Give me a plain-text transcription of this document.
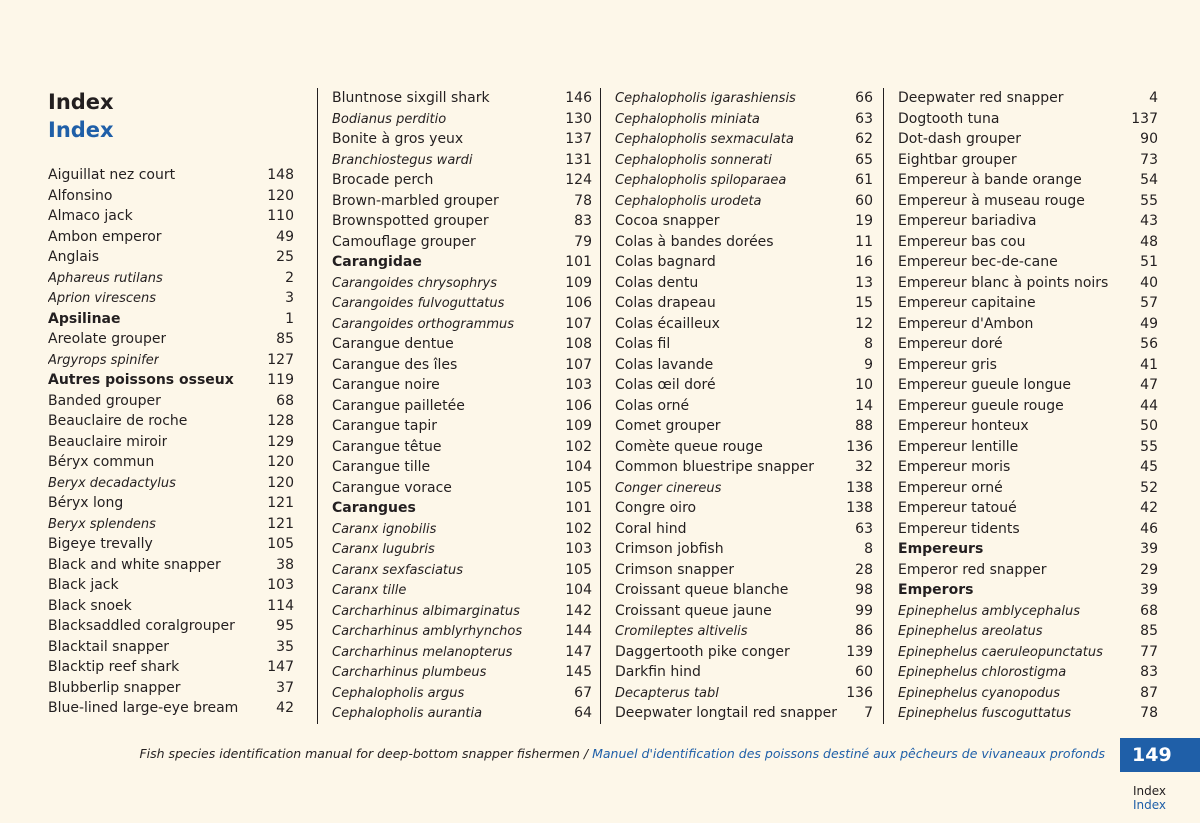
Index
Index
Aiguillat nez court	148
Alfonsino	120
Almaco jack	110
Ambon emperor	49
Anglais	25
Aphareus rutilans	2
Aprion virescens	3
Apsilinae	1
Areolate grouper	85
Argyrops spinifer	127
Autres poissons osseux 119
Banded grouper	68
Beauclaire de roche	128
Beauclaire miroir	129
Béryx commun	120
Beryx decadactylus	120
Béryx long	121
Beryx splendens	121
Bigeye trevally	105
Black and white snapper	38
Black jack	103
Black snoek	114
Blacksaddled coralgrouper	95
Blacktail snapper	35
Blacktip reef shark	147
Blubberlip snapper	37
Blue-lined large-eye bream	42
Bluntnose sixgill shark	146
Bodianus perditio	130
Bonite à gros yeux	137
Branchiostegus wardi	131
Brocade perch	124
Brown-marbled grouper	78
Brownspotted grouper	83
Camouflage grouper	79
Carangidae	101
Carangoides chrysophrys	109
Carangoides fulvoguttatus	106
Carangoides orthogrammus	107
Carangue dentue	108
Carangue des îles	107
Carangue noire	103
Carangue pailletée	106
Carangue tapir	109
Carangue têtue	102
Carangue tille	104
Carangue vorace	105
Carangues	101
Caranx ignobilis	102
Caranx lugubris	103
Caranx sexfasciatus	105
Caranx tille	104
Carcharhinus albimarginatus	142
Carcharhinus amblyrhynchos	144
Carcharhinus melanopterus	147
Carcharhinus plumbeus	145
Cephalopholis argus	67
Cephalopholis aurantia	64
Cephalopholis igarashiensis	66
Cephalopholis miniata	63
Cephalopholis sexmaculata	62
Cephalopholis sonnerati	65
Cephalopholis spiloparaea	61
Cephalopholis urodeta	60
Cocoa snapper	19
Colas à bandes dorées	11
Colas bagnard	16
Colas dentu	13
Colas drapeau	15
Colas écailleux	12
Colas fil	8
Colas lavande	9
Colas œil doré	10
Colas orné	14
Comet grouper	88
Comète queue rouge	136
Common bluestripe snapper	32
Conger cinereus	138
Congre oiro	138
Coral hind	63
Crimson jobfish	8
Crimson snapper	28
Croissant queue blanche	98
Croissant queue jaune	99
Cromileptes altivelis	86
Daggertooth pike conger	139
Darkfin hind	60
Decapterus tabl	136
Deepwater longtail red snapper 7
Deepwater red snapper	4
Dogtooth tuna	137
Dot-dash grouper	90
Eightbar grouper	73
Empereur à bande orange	54
Empereur à museau rouge	55
Empereur bariadiva	43
Empereur bas cou	48
Empereur bec-de-cane	51
Empereur blanc à points noirs 40
Empereur capitaine	57
Empereur d'Ambon	49
Empereur doré	56
Empereur gris	41
Empereur gueule longue	47
Empereur gueule rouge	44
Empereur honteux	50
Empereur lentille	55
Empereur moris	45
Empereur orné	52
Empereur tatoué	42
Empereur tidents	46
Empereurs	39
Emperor red snapper	29
Emperors	39
Epinephelus amblycephalus	68
Epinephelus areolatus	85
Epinephelus caeruleopunctatus	77
Epinephelus chlorostigma	83
Epinephelus cyanopodus	87
Epinephelus fuscoguttatus	78
Fish species identification manual for deep-bottom snapper fishermen / Manuel d'identification des poissons destiné aux pêcheurs de vivaneaux profonds	149
Index
Index
